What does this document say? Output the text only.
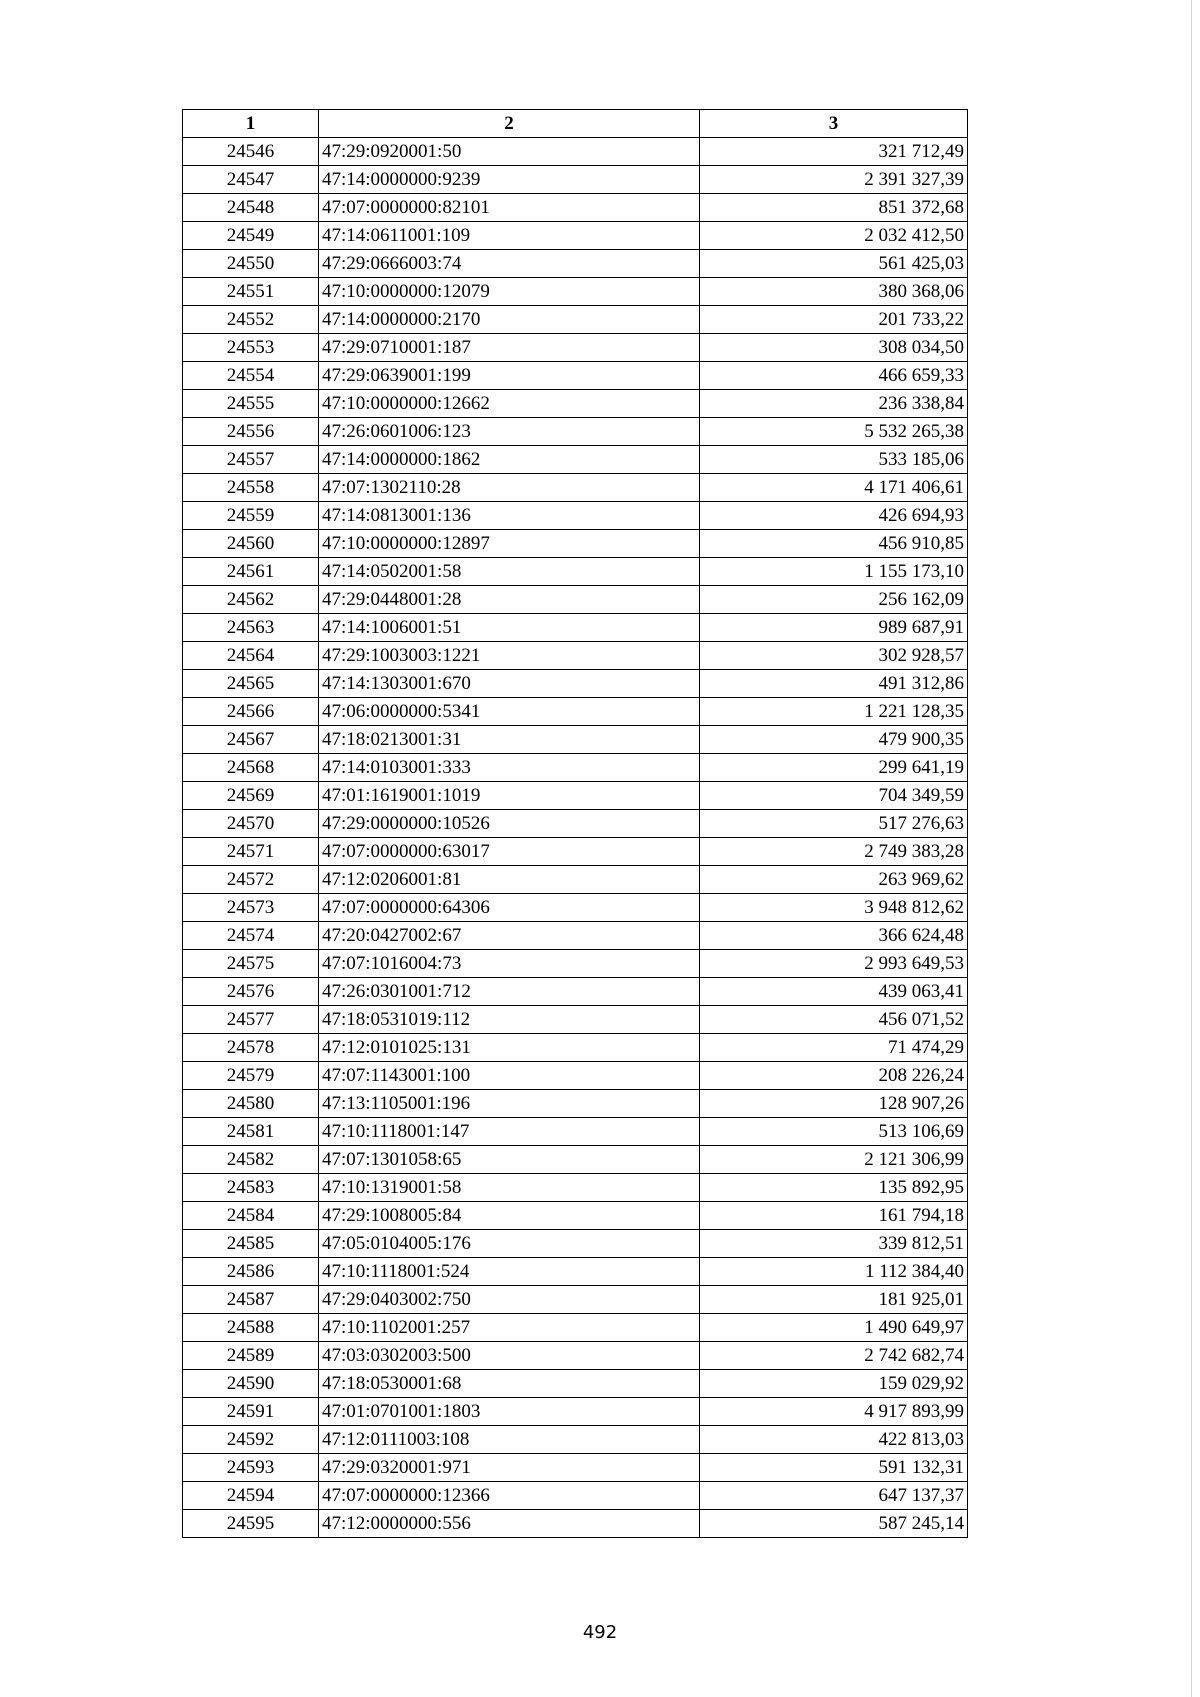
1	2	3
24546	47:29:0920001:50	321 712,49
24547	47:14:0000000:9239	2 391 327,39
24548	47:07:0000000:82101	851 372,68
24549	47:14:0611001:109	2 032 412,50
24550	47:29:0666003:74	561 425,03
24551	47:10:0000000:12079	380 368,06
24552	47:14:0000000:2170	201 733,22
24553	47:29:0710001:187	308 034,50
24554	47:29:0639001:199	466 659,33
24555	47:10:0000000:12662	236 338,84
24556	47:26:0601006:123	5 532 265,38
24557	47:14:0000000:1862	533 185,06
24558	47:07:1302110:28	4 171 406,61
24559	47:14:0813001:136	426 694,93
24560	47:10:0000000:12897	456 910,85
24561	47:14:0502001:58	1 155 173,10
24562	47:29:0448001:28	256 162,09
24563	47:14:1006001:51	989 687,91
24564	47:29:1003003:1221	302 928,57
24565	47:14:1303001:670	491 312,86
24566	47:06:0000000:5341	1 221 128,35
24567	47:18:0213001:31	479 900,35
24568	47:14:0103001:333	299 641,19
24569	47:01:1619001:1019	704 349,59
24570	47:29:0000000:10526	517 276,63
24571	47:07:0000000:63017	2 749 383,28
24572	47:12:0206001:81	263 969,62
24573	47:07:0000000:64306	3 948 812,62
24574	47:20:0427002:67	366 624,48
24575	47:07:1016004:73	2 993 649,53
24576	47:26:0301001:712	439 063,41
24577	47:18:0531019:112	456 071,52
24578	47:12:0101025:131	71 474,29
24579	47:07:1143001:100	208 226,24
24580	47:13:1105001:196	128 907,26
24581	47:10:1118001:147	513 106,69
24582	47:07:1301058:65	2 121 306,99
24583	47:10:1319001:58	135 892,95
24584	47:29:1008005:84	161 794,18
24585	47:05:0104005:176	339 812,51
24586	47:10:1118001:524	1 112 384,40
24587	47:29:0403002:750	181 925,01
24588	47:10:1102001:257	1 490 649,97
24589	47:03:0302003:500	2 742 682,74
24590	47:18:0530001:68	159 029,92
24591	47:01:0701001:1803	4 917 893,99
24592	47:12:0111003:108	422 813,03
24593	47:29:0320001:971	591 132,31
24594	47:07:0000000:12366	647 137,37
24595	47:12:0000000:556	587 245,14
492
